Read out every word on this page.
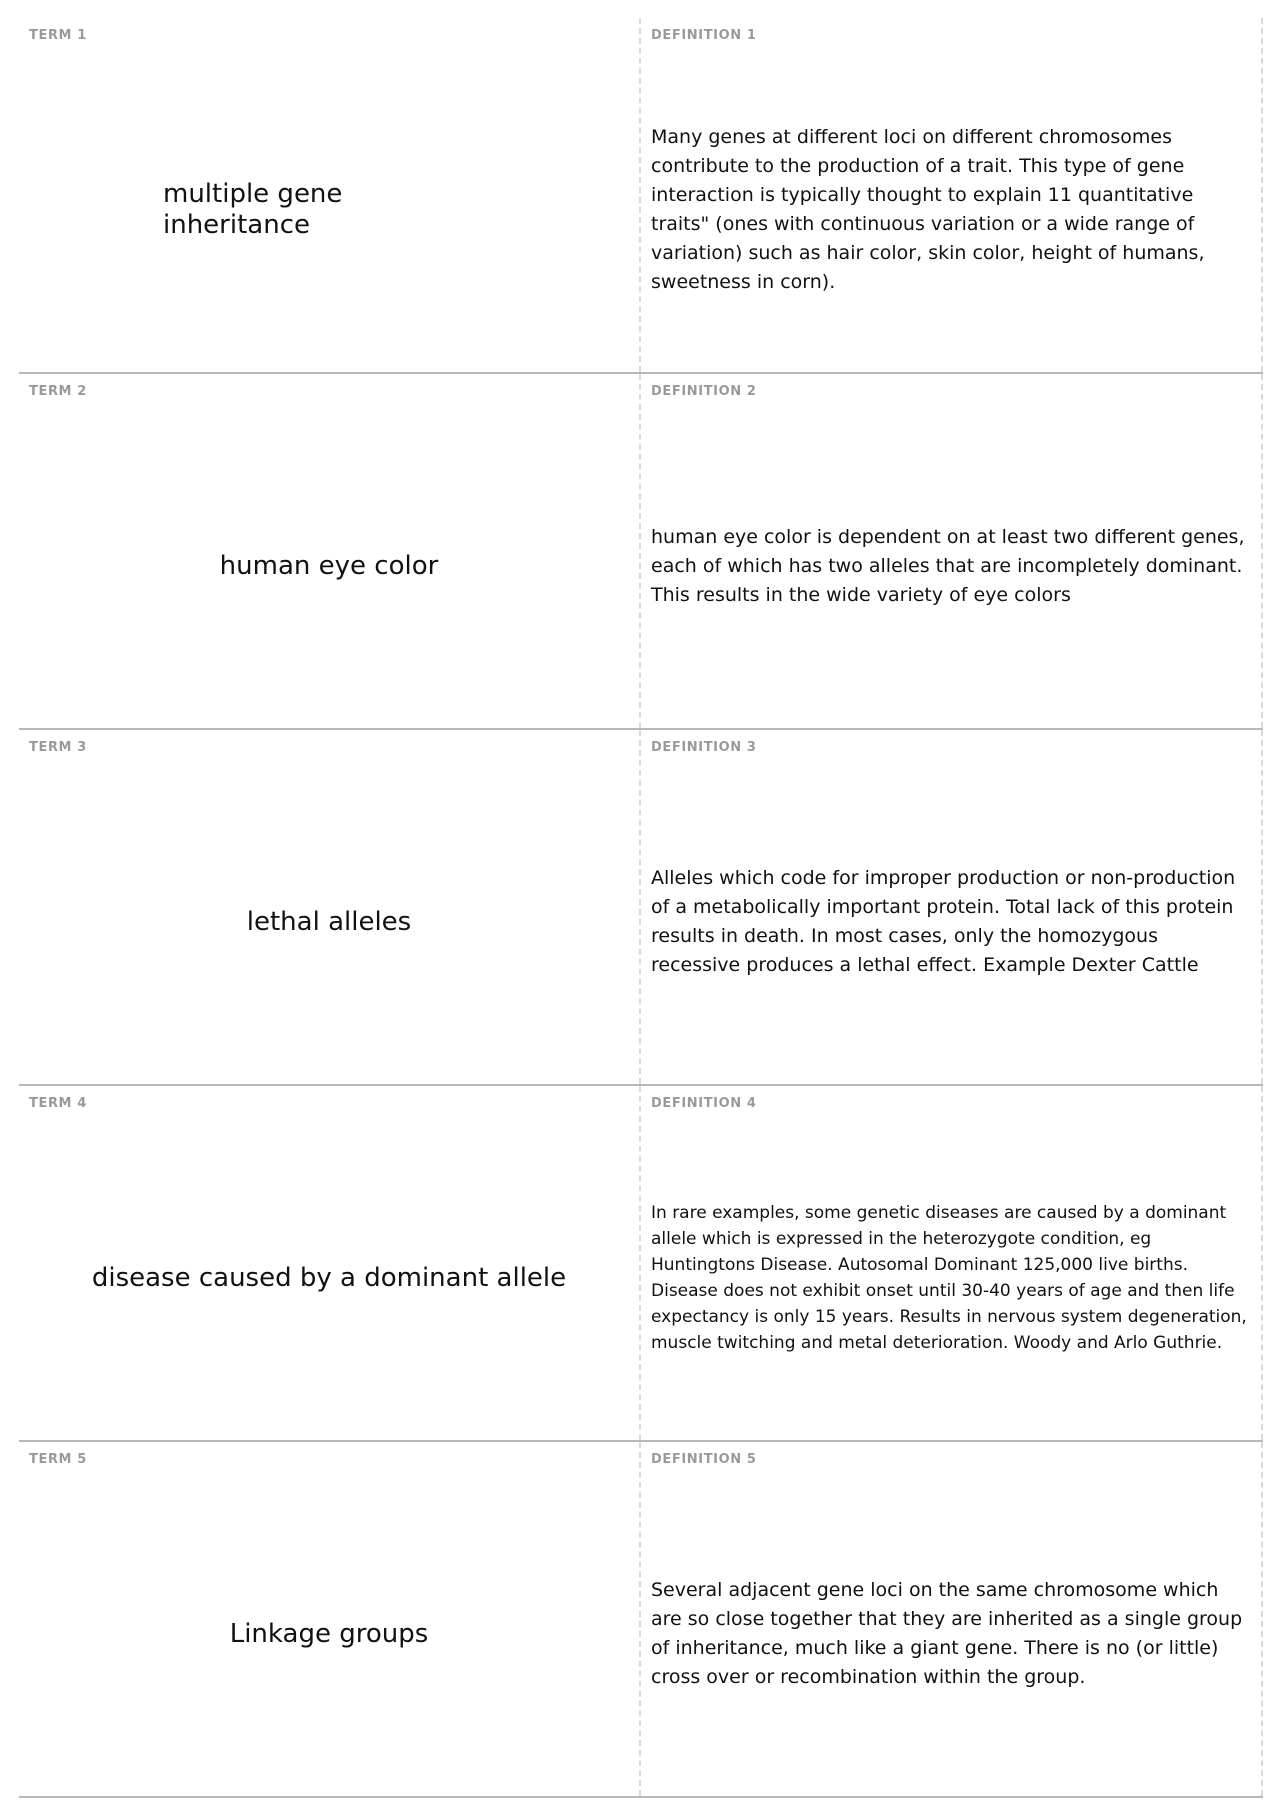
TERM 1
multiple gene inheritance
DEFINITION 1
Many genes at different loci on different chromosomes contribute to the production of a trait. This type of gene interaction is typically thought to explain 11 quantitative traits" (ones with continuous variation or a wide range of variation) such as hair color, skin color, height of humans, sweetness in corn).
TERM 2
human eye color
DEFINITION 2
human eye color is dependent on at least two different genes, each of which has two alleles that are incompletely dominant. This results in the wide variety of eye colors
TERM 3
lethal alleles
DEFINITION 3
Alleles which code for improper production or non-production of a metabolically important protein. Total lack of this protein results in death. In most cases, only the homozygous recessive produces a lethal effect. Example Dexter Cattle
TERM 4
disease caused by a dominant allele
DEFINITION 4
In rare examples, some genetic diseases are caused by a dominant allele which is expressed in the heterozygote condition, eg Huntingtons Disease. Autosomal Dominant 125,000 live births. Disease does not exhibit onset until 30-40 years of age and then life expectancy is only 15 years. Results in nervous system degeneration, muscle twitching and metal deterioration. Woody and Arlo Guthrie.
TERM 5
Linkage groups
DEFINITION 5
Several adjacent gene loci on the same chromosome which are so close together that they are inherited as a single group of inheritance, much like a giant gene. There is no (or little) cross over or recombination within the group.
